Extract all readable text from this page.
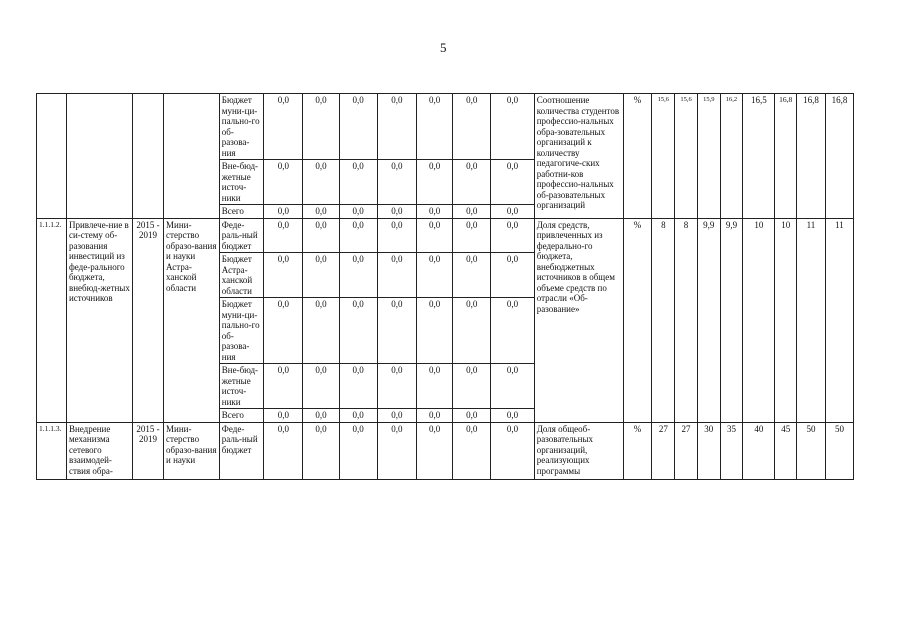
5
				Бюджет муни-ци-пально-го об-разова-ния	0,0	0,0	0,0	0,0	0,0	0,0	0,0	Соотношение количества студентов профессио-нальных обра-зовательных организаций к количеству педагогиче-ских работни-ков профессио-нальных об-разовательных организаций	%	15,6	15,6	15,9	16,2	16,5	16,8	16,8	16,8
				Вне-бюд-жетные источ-ники	0,0	0,0	0,0	0,0	0,0	0,0	0,0										
				Всего	0,0	0,0	0,0	0,0	0,0	0,0	0,0										
1.1.1.2.	Привлече-ние в си-стему об-разования инвестиций из феде-рального бюджета, внебюд-жетных источников	2015 - 2019	Мини-стерство образо-вания и науки Астра-ханской области	Феде-раль-ный бюджет	0,0	0,0	0,0	0,0	0,0	0,0	0,0	Доля средств, привлеченных из федерально-го бюджета, внебюджетных источников в общем объеме средств по отрасли «Об-разование»	%	8	8	9,9	9,9	10	10	11	11
				Бюджет Астра-ханской области	0,0	0,0	0,0	0,0	0,0	0,0	0,0										
				Бюджет муни-ци-пально-го об-разова-ния	0,0	0,0	0,0	0,0	0,0	0,0	0,0										
				Вне-бюд-жетные источ-ники	0,0	0,0	0,0	0,0	0,0	0,0	0,0										
				Всего	0,0	0,0	0,0	0,0	0,0	0,0	0,0										
1.1.1.3.	Внедрение механизма сетевого взаимодей-ствия обра-	2015 - 2019	Мини-стерство образо-вания и науки	Феде-раль-ный бюджет	0,0	0,0	0,0	0,0	0,0	0,0	0,0	Доля общеоб-разовательных организаций, реализующих программы	%	27	27	30	35	40	45	50	50
